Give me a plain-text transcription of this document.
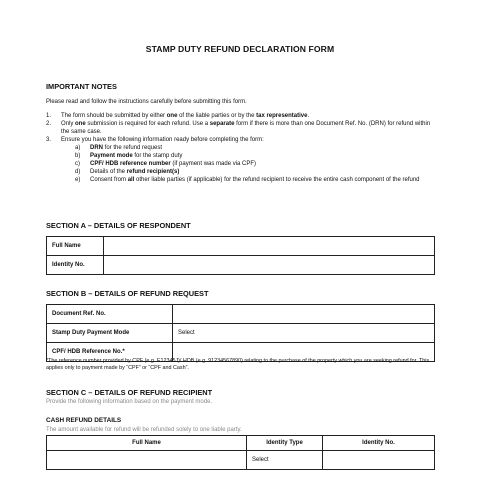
STAMP DUTY REFUND DECLARATION FORM
IMPORTANT NOTES
Please read and follow the instructions carefully before submitting this form.
1. The form should be submitted by either one of the liable parties or by the tax representative.
2. Only one submission is required for each refund. Use a separate form if there is more than one Document Ref. No. (DRN) for refund within the same case.
3. Ensure you have the following information ready before completing the form:
a) DRN for the refund request
b) Payment mode for the stamp duty
c) CPF/ HDB reference number (if payment was made via CPF)
d) Details of the refund recipient(s)
e) Consent from all other liable parties (if applicable) for the refund recipient to receive the entire cash component of the refund
SECTION A – DETAILS OF RESPONDENT
Full Name	
Identity No.	
SECTION B – DETAILS OF REFUND REQUEST
Document Ref. No.	
Stamp Duty Payment Mode	Select
CPF/ HDB Reference No.*	
*The reference number provided by CPF (e.g. E12345J)/ HDB (e.g. 91234567890) relating to the purchase of the property which you are seeking refund for. This applies only to payment made by “CPF” or “CPF and Cash”.
SECTION C – DETAILS OF REFUND RECIPIENT
Provide the following information based on the payment mode.
CASH REFUND DETAILS
The amount available for refund will be refunded solely to one liable party.
Full Name	Identity Type	Identity No.
	Select	
